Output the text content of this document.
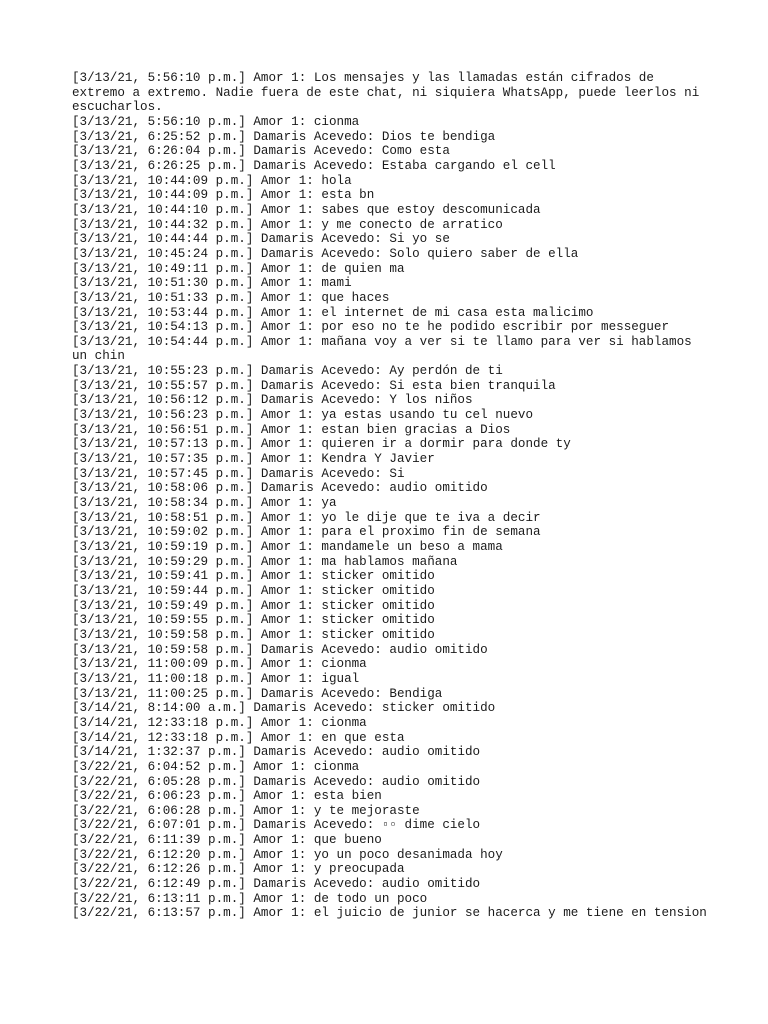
[3/13/21, 5:56:10 p.m.] Amor 1: Los mensajes y las llamadas están cifrados de extremo a extremo. Nadie fuera de este chat, ni siquiera WhatsApp, puede leerlos ni escucharlos.
[3/13/21, 5:56:10 p.m.] Amor 1: cionma
[3/13/21, 6:25:52 p.m.] Damaris Acevedo: Dios te bendiga
[3/13/21, 6:26:04 p.m.] Damaris Acevedo: Como esta
[3/13/21, 6:26:25 p.m.] Damaris Acevedo: Estaba cargando el cell
[3/13/21, 10:44:09 p.m.] Amor 1: hola
[3/13/21, 10:44:09 p.m.] Amor 1: esta bn
[3/13/21, 10:44:10 p.m.] Amor 1: sabes que estoy descomunicada
[3/13/21, 10:44:32 p.m.] Amor 1: y me conecto de arratico
[3/13/21, 10:44:44 p.m.] Damaris Acevedo: Si yo se
[3/13/21, 10:45:24 p.m.] Damaris Acevedo: Solo quiero saber de ella
[3/13/21, 10:49:11 p.m.] Amor 1: de quien ma
[3/13/21, 10:51:30 p.m.] Amor 1: mami
[3/13/21, 10:51:33 p.m.] Amor 1: que haces
[3/13/21, 10:53:44 p.m.] Amor 1: el internet de mi casa esta malicimo
[3/13/21, 10:54:13 p.m.] Amor 1: por eso no te he podido escribir por messeguer
[3/13/21, 10:54:44 p.m.] Amor 1: mañana voy a ver si te llamo para ver si hablamos un chin
[3/13/21, 10:55:23 p.m.] Damaris Acevedo: Ay perdón de ti
[3/13/21, 10:55:57 p.m.] Damaris Acevedo: Si esta bien tranquila
[3/13/21, 10:56:12 p.m.] Damaris Acevedo: Y los niños
[3/13/21, 10:56:23 p.m.] Amor 1: ya estas usando tu cel nuevo
[3/13/21, 10:56:51 p.m.] Amor 1: estan bien gracias a Dios
[3/13/21, 10:57:13 p.m.] Amor 1: quieren ir a dormir para donde ty
[3/13/21, 10:57:35 p.m.] Amor 1: Kendra Y Javier
[3/13/21, 10:57:45 p.m.] Damaris Acevedo: Si
[3/13/21, 10:58:06 p.m.] Damaris Acevedo: audio omitido
[3/13/21, 10:58:34 p.m.] Amor 1: ya
[3/13/21, 10:58:51 p.m.] Amor 1: yo le dije que te iva a decir
[3/13/21, 10:59:02 p.m.] Amor 1: para el proximo fin de semana
[3/13/21, 10:59:19 p.m.] Amor 1: mandamele un beso a mama
[3/13/21, 10:59:29 p.m.] Amor 1: ma hablamos mañana
[3/13/21, 10:59:41 p.m.] Amor 1: sticker omitido
[3/13/21, 10:59:44 p.m.] Amor 1: sticker omitido
[3/13/21, 10:59:49 p.m.] Amor 1: sticker omitido
[3/13/21, 10:59:55 p.m.] Amor 1: sticker omitido
[3/13/21, 10:59:58 p.m.] Amor 1: sticker omitido
[3/13/21, 10:59:58 p.m.] Damaris Acevedo: audio omitido
[3/13/21, 11:00:09 p.m.] Amor 1: cionma
[3/13/21, 11:00:18 p.m.] Amor 1: igual
[3/13/21, 11:00:25 p.m.] Damaris Acevedo: Bendiga
[3/14/21, 8:14:00 a.m.] Damaris Acevedo: sticker omitido
[3/14/21, 12:33:18 p.m.] Amor 1: cionma
[3/14/21, 12:33:18 p.m.] Amor 1: en que esta
[3/14/21, 1:32:37 p.m.] Damaris Acevedo: audio omitido
[3/22/21, 6:04:52 p.m.] Amor 1: cionma
[3/22/21, 6:05:28 p.m.] Damaris Acevedo: audio omitido
[3/22/21, 6:06:23 p.m.] Amor 1: esta bien
[3/22/21, 6:06:28 p.m.] Amor 1: y te mejoraste
[3/22/21, 6:07:01 p.m.] Damaris Acevedo: ▫▫ dime cielo
[3/22/21, 6:11:39 p.m.] Amor 1: que bueno
[3/22/21, 6:12:20 p.m.] Amor 1: yo un poco desanimada hoy
[3/22/21, 6:12:26 p.m.] Amor 1: y preocupada
[3/22/21, 6:12:49 p.m.] Damaris Acevedo: audio omitido
[3/22/21, 6:13:11 p.m.] Amor 1: de todo un poco
[3/22/21, 6:13:57 p.m.] Amor 1: el juicio de junior se hacerca y me tiene en tension
